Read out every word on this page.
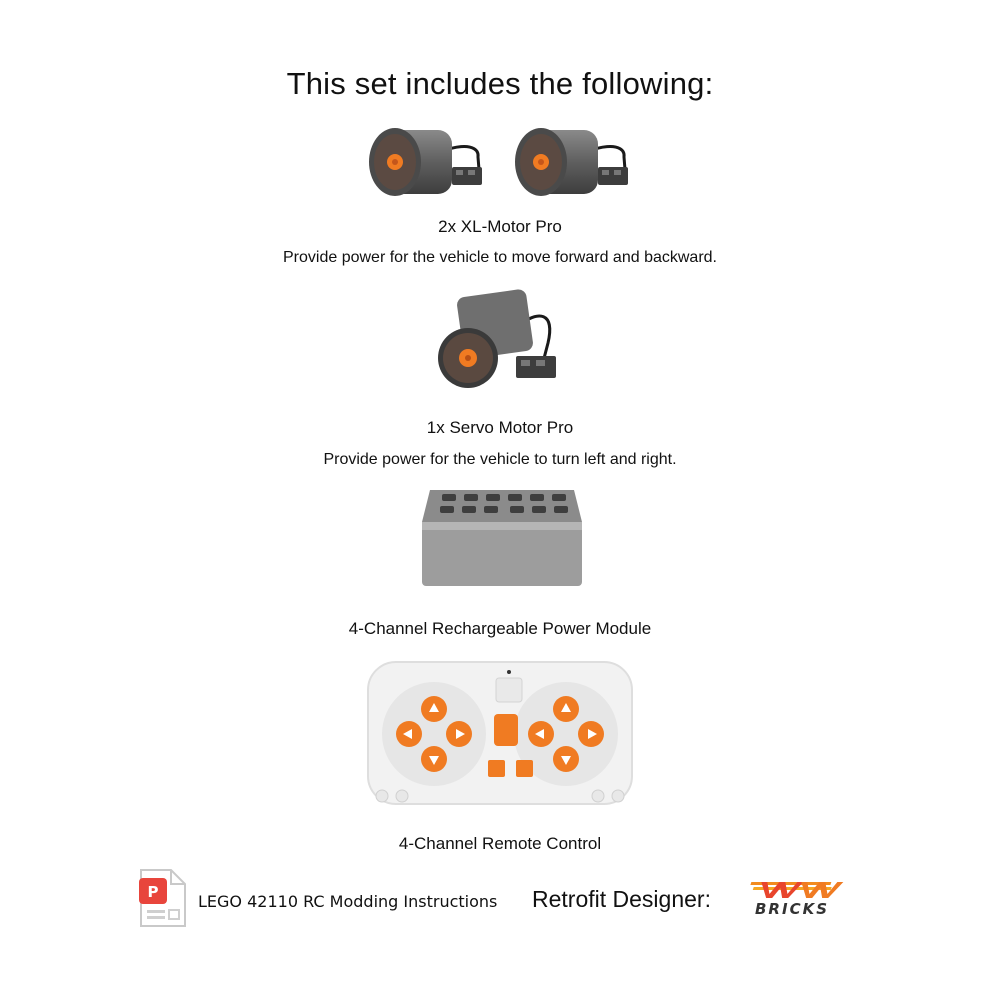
This set includes the following:
2x XL-Motor Pro
Provide power for the vehicle to move forward and backward.
1x Servo Motor Pro
Provide power for the vehicle to turn left and right.
4-Channel Rechargeable Power Module
4-Channel Remote Control
P LEGO 42110 RC Modding Instructions Retrofit Designer:	BRICKS
